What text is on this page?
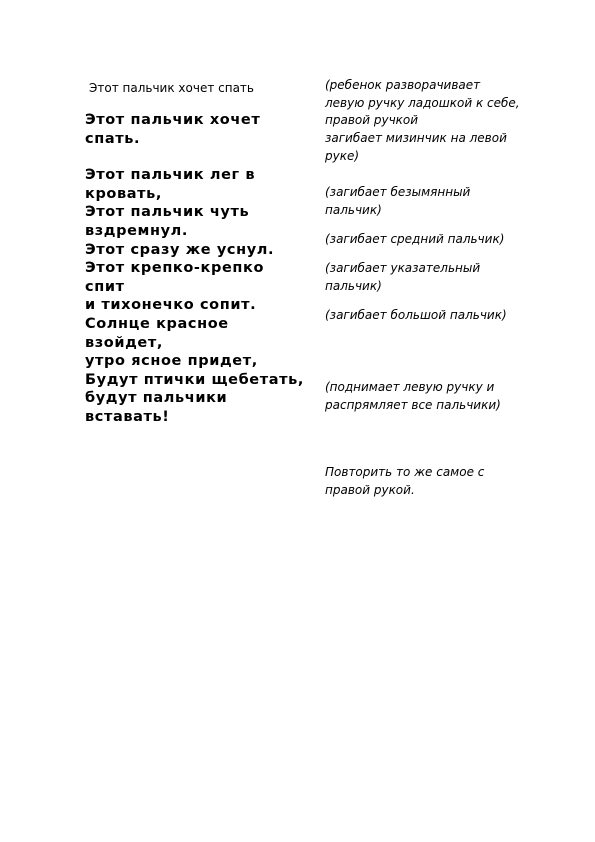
Этот пальчик хочет спать
Этот пальчик хочет
спать.
Этот пальчик лег в
кровать,
Этот пальчик чуть
вздремнул.
Этот сразу же уснул.
Этот крепко-крепко
спит
и тихонечко сопит.
Солнце красное
взойдет,
утро ясное придет,
Будут птички щебетать,
будут пальчики
вставать!
(ребенок разворачивает
левую ручку ладошкой к себе,
правой ручкой
загибает мизинчик на левой
руке)
(загибает безымянный
пальчик)
(загибает средний пальчик)
(загибает указательный
пальчик)
(загибает большой пальчик)
(поднимает левую ручку и
распрямляет все пальчики)
Повторить то же самое с
правой рукой.
